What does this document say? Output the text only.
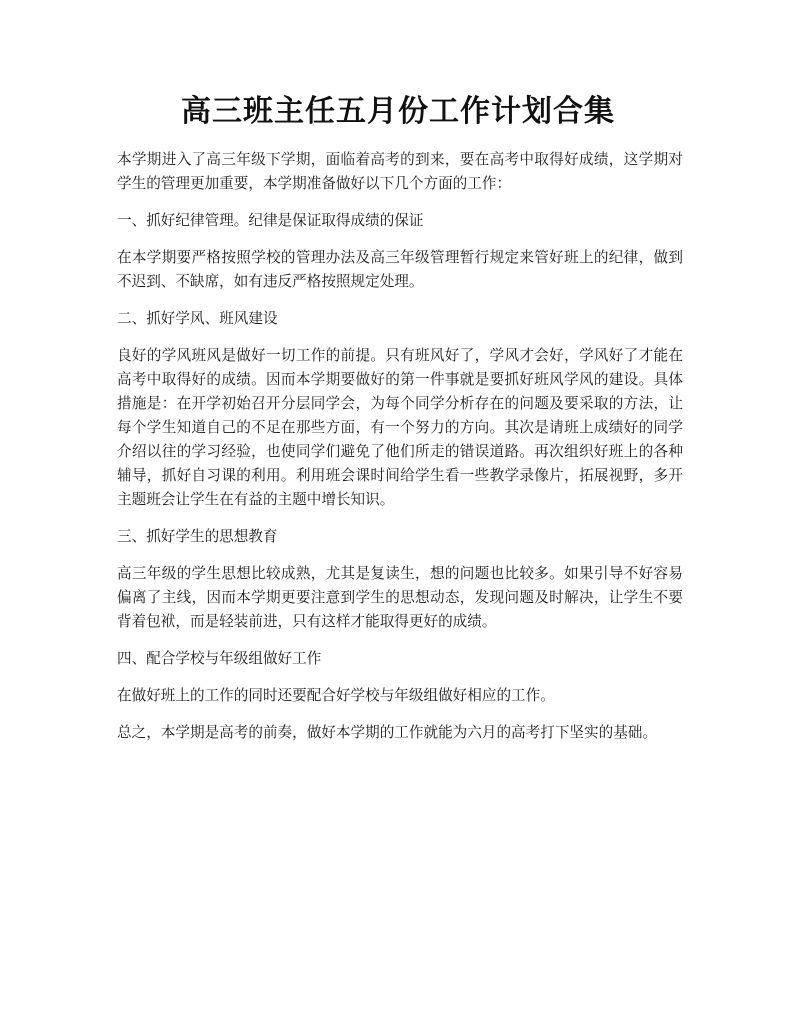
高三班主任五月份工作计划合集

本学期进入了高三年级下学期，面临着高考的到来，要在高考中取得好成绩，这学期对学生的管理更加重要，本学期准备做好以下几个方面的工作：

一、抓好纪律管理。纪律是保证取得成绩的保证

在本学期要严格按照学校的管理办法及高三年级管理暂行规定来管好班上的纪律，做到不迟到、不缺席，如有违反严格按照规定处理。

二、抓好学风、班风建设

良好的学风班风是做好一切工作的前提。只有班风好了，学风才会好，学风好了才能在高考中取得好的成绩。因而本学期要做好的第一件事就是要抓好班风学风的建设。具体措施是：在开学初始召开分层同学会，为每个同学分析存在的问题及要采取的方法，让每个学生知道自己的不足在那些方面，有一个努力的方向。其次是请班上成绩好的同学介绍以往的学习经验，也使同学们避免了他们所走的错误道路。再次组织好班上的各种辅导，抓好自习课的利用。利用班会课时间给学生看一些教学录像片，拓展视野，多开主题班会让学生在有益的主题中增长知识。

三、抓好学生的思想教育

高三年级的学生思想比较成熟，尤其是复读生，想的问题也比较多。如果引导不好容易偏离了主线，因而本学期更要注意到学生的思想动态，发现问题及时解决，让学生不要背着包袱，而是轻装前进，只有这样才能取得更好的成绩。

四、配合学校与年级组做好工作

在做好班上的工作的同时还要配合好学校与年级组做好相应的工作。

总之，本学期是高考的前奏，做好本学期的工作就能为六月的高考打下坚实的基础。
